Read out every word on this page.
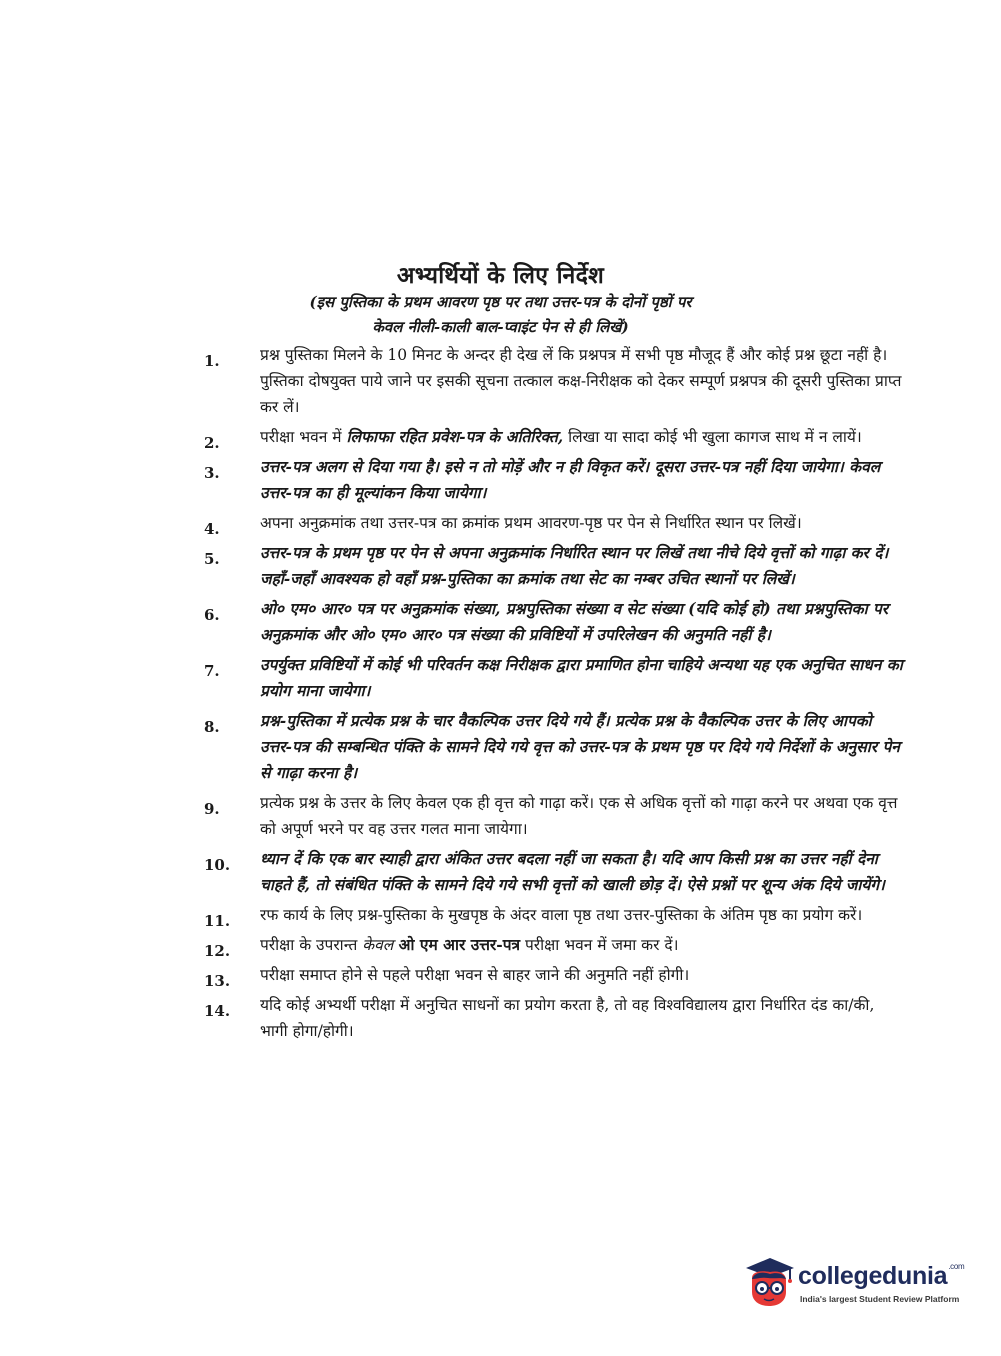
अभ्यर्थियों के लिए निर्देश
(इस पुस्तिका के प्रथम आवरण पृष्ठ पर तथा उत्तर-पत्र के दोनों पृष्ठों पर
केवल नीली-काली बाल-प्वाइंट पेन से ही लिखें)
1.	प्रश्न पुस्तिका मिलने के 10 मिनट के अन्दर ही देख लें कि प्रश्नपत्र में सभी पृष्ठ मौजूद हैं और कोई प्रश्न छूटा नहीं है। पुस्तिका दोषयुक्त पाये जाने पर इसकी सूचना तत्काल कक्ष-निरीक्षक को देकर सम्पूर्ण प्रश्नपत्र की दूसरी पुस्तिका प्राप्त कर लें।
2.	परीक्षा भवन में लिफाफा रहित प्रवेश-पत्र के अतिरिक्त, लिखा या सादा कोई भी खुला कागज साथ में न लायें।
3.	उत्तर-पत्र अलग से दिया गया है। इसे न तो मोड़ें और न ही विकृत करें। दूसरा उत्तर-पत्र नहीं दिया जायेगा। केवल उत्तर-पत्र का ही मूल्यांकन किया जायेगा।
4.	अपना अनुक्रमांक तथा उत्तर-पत्र का क्रमांक प्रथम आवरण-पृष्ठ पर पेन से निर्धारित स्थान पर लिखें।
5.	उत्तर-पत्र के प्रथम पृष्ठ पर पेन से अपना अनुक्रमांक निर्धारित स्थान पर लिखें तथा नीचे दिये वृत्तों को गाढ़ा कर दें। जहाँ-जहाँ आवश्यक हो वहाँ प्रश्न-पुस्तिका का क्रमांक तथा सेट का नम्बर उचित स्थानों पर लिखें।
6.	ओ० एम० आर० पत्र पर अनुक्रमांक संख्या, प्रश्नपुस्तिका संख्या व सेट संख्या (यदि कोई हो) तथा प्रश्नपुस्तिका पर अनुक्रमांक और ओ० एम० आर० पत्र संख्या की प्रविष्टियों में उपरिलेखन की अनुमति नहीं है।
7.	उपर्युक्त प्रविष्टियों में कोई भी परिवर्तन कक्ष निरीक्षक द्वारा प्रमाणित होना चाहिये अन्यथा यह एक अनुचित साधन का प्रयोग माना जायेगा।
8.	प्रश्न-पुस्तिका में प्रत्येक प्रश्न के चार वैकल्पिक उत्तर दिये गये हैं। प्रत्येक प्रश्न के वैकल्पिक उत्तर के लिए आपको उत्तर-पत्र की सम्बन्धित पंक्ति के सामने दिये गये वृत्त को उत्तर-पत्र के प्रथम पृष्ठ पर दिये गये निर्देशों के अनुसार पेन से गाढ़ा करना है।
9.	प्रत्येक प्रश्न के उत्तर के लिए केवल एक ही वृत्त को गाढ़ा करें। एक से अधिक वृत्तों को गाढ़ा करने पर अथवा एक वृत्त को अपूर्ण भरने पर वह उत्तर गलत माना जायेगा।
10. ध्यान दें कि एक बार स्याही द्वारा अंकित उत्तर बदला नहीं जा सकता है। यदि आप किसी प्रश्न का उत्तर नहीं देना चाहते हैं, तो संबंधित पंक्ति के सामने दिये गये सभी वृत्तों को खाली छोड़ दें। ऐसे प्रश्नों पर शून्य अंक दिये जायेंगे।
11. रफ कार्य के लिए प्रश्न-पुस्तिका के मुखपृष्ठ के अंदर वाला पृष्ठ तथा उत्तर-पुस्तिका के अंतिम पृष्ठ का प्रयोग करें।
12. परीक्षा के उपरान्त केवल ओ एम आर उत्तर-पत्र परीक्षा भवन में जमा कर दें।
13. परीक्षा समाप्त होने से पहले परीक्षा भवन से बाहर जाने की अनुमति नहीं होगी।
14. यदि कोई अभ्यर्थी परीक्षा में अनुचित साधनों का प्रयोग करता है, तो वह विश्वविद्यालय द्वारा निर्धारित दंड का/की, भागी होगा/होगी।
collegedunia$^{.com}$
India's largest Student Review Platform
